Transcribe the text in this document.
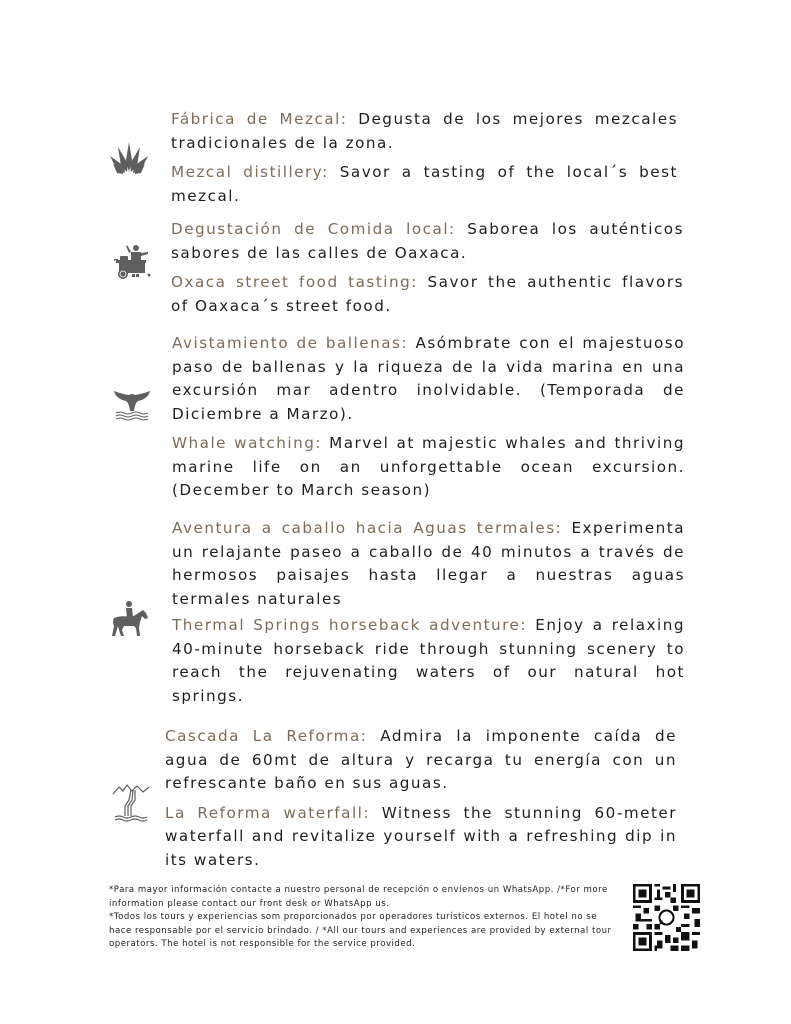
Fábrica de Mezcal: Degusta de los mejores mezcales tradicionales de la zona.

Mezcal distillery: Savor a tasting of the local´s best mezcal.

Degustación de Comida local: Saborea los auténticos sabores de las calles de Oaxaca.

Oxaca street food tasting: Savor the authentic flavors of Oaxaca´s street food.

Avistamiento de ballenas: Asómbrate con el majestuoso paso de ballenas y la riqueza de la vida marina en una excursión mar adentro inolvidable. (Temporada de Diciembre a Marzo).

Whale watching: Marvel at majestic whales and thriving marine life on an unforgettable ocean excursion. (December to March season)

Aventura a caballo hacia Aguas termales: Experimenta un relajante paseo a caballo de 40 minutos a través de hermosos paisajes hasta llegar a nuestras aguas termales naturales

Thermal Springs horseback adventure: Enjoy a relaxing 40-minute horseback ride through stunning scenery to reach the rejuvenating waters of our natural hot springs.

Cascada La Reforma: Admira la imponente caída de agua de 60mt de altura y recarga tu energía con un refrescante baño en sus aguas.

La Reforma waterfall: Witness the stunning 60-meter waterfall and revitalize yourself with a refreshing dip in its waters.

*Para mayor información contacte a nuestro personal de recepción o envíenos un WhatsApp. /*For more information please contact our front desk or WhatsApp us.

*Todos los tours y experiencias som proporcionados por operadores turísticos externos. El hotel no se hace responsable por el servicio brindado. / *All our tours and experiences are provided by external tour operators. The hotel is not responsible for the service provided.
